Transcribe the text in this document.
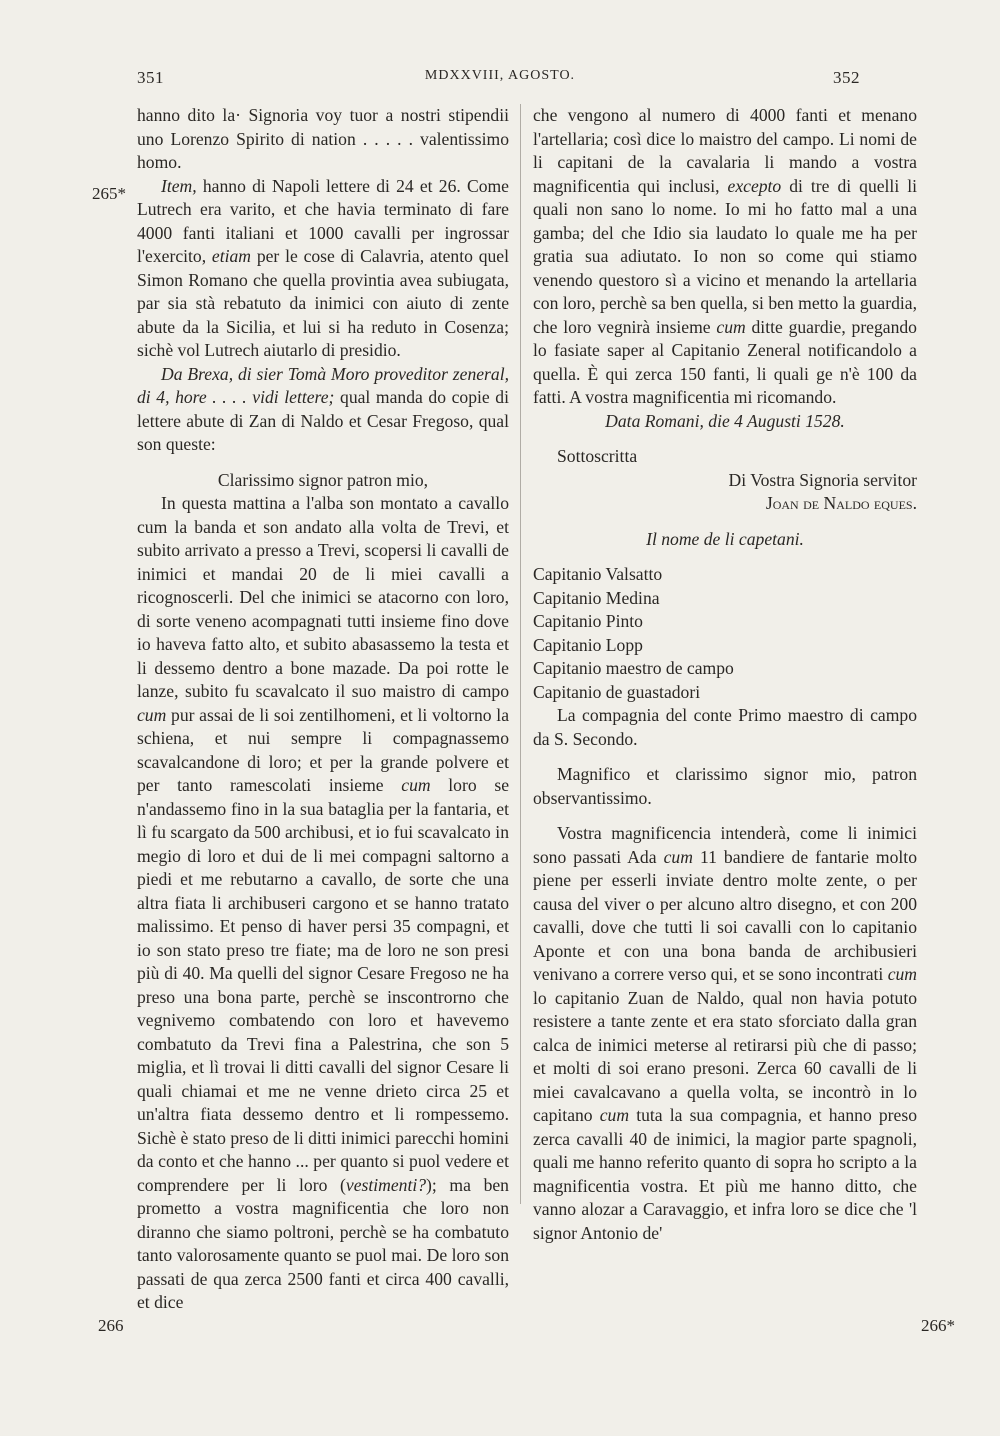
351	MDXXVIII, AGOSTO.	352
265*
266	266*

hanno dito la· Signoria voy tuor a nostri stipendii uno Lorenzo Spirito di nation . . . . . valentissimo homo.

Item, hanno di Napoli lettere di 24 et 26. Come Lutrech era varito, et che havia terminato di fare 4000 fanti italiani et 1000 cavalli per ingrossar l'exercito, etiam per le cose di Calavria, atento quel Simon Romano che quella provintia avea subiugata, par sia stà rebatuto da inimici con aiuto di zente abute da la Sicilia, et lui si ha reduto in Cosenza; sichè vol Lutrech aiutarlo di presidio.

Da Brexa, di sier Tomà Moro proveditor zeneral, di 4, hore . . . . vidi lettere; qual manda do copie di lettere abute di Zan di Naldo et Cesar Fregoso, qual son queste:

Clarissimo signor patron mio,

In questa mattina a l'alba son montato a cavallo cum la banda et son andato alla volta de Trevi, et subito arrivato a presso a Trevi, scopersi li cavalli de inimici et mandai 20 de li miei cavalli a ricognoscerli. Del che inimici se atacorno con loro, di sorte veneno acompagnati tutti insieme fino dove io haveva fatto alto, et subito abasassemo la testa et li dessemo dentro a bone mazade. Da poi rotte le lanze, subito fu scavalcato il suo maistro di campo cum pur assai de li soi zentilhomeni, et li voltorno la schiena, et nui sempre li compagnassemo scavalcandone di loro; et per la grande polvere et per tanto ramescolati insieme cum loro se n'andassemo fino in la sua bataglia per la fantaria, et lì fu scargato da 500 archibusi, et io fui scavalcato in megio di loro et dui de li mei compagni saltorno a piedi et me rebutarno a cavallo, de sorte che una altra fiata li archibuseri cargono et se hanno tratato malissimo. Et penso di haver persi 35 compagni, et io son stato preso tre fiate; ma de loro ne son presi più di 40. Ma quelli del signor Cesare Fregoso ne ha preso una bona parte, perchè se inscontrorno che vegnivemo combatendo con loro et havevemo combatuto da Trevi fina a Palestrina, che son 5 miglia, et lì trovai li ditti cavalli del signor Cesare li quali chiamai et me ne venne drieto circa 25 et un'altra fiata dessemo dentro et li rompessemo. Sichè è stato preso de li ditti inimici parecchi homini da conto et che hanno ... per quanto si puol vedere et comprendere per li loro (vestimenti?); ma ben prometto a vostra magnificentia che loro non diranno che siamo poltroni, perchè se ha combatuto tanto valorosamente quanto se puol mai. De loro son passati de qua zerca 2500 fanti et circa 400 cavalli, et dice

che vengono al numero di 4000 fanti et menano l'artellaria; così dice lo maistro del campo. Li nomi de li capitani de la cavalaria li mando a vostra magnificentia qui inclusi, excepto di tre di quelli li quali non sano lo nome. Io mi ho fatto mal a una gamba; del che Idio sia laudato lo quale me ha per gratia sua adiutato. Io non so come qui stiamo venendo questoro sì a vicino et menando la artellaria con loro, perchè sa ben quella, si ben metto la guardia, che loro vegnirà insieme cum ditte guardie, pregando lo fasiate saper al Capitanio Zeneral notificandolo a quella. È qui zerca 150 fanti, li quali ge n'è 100 da fatti. A vostra magnificentia mi ricomando.

Data Romani, die 4 Augusti 1528.

Sottoscritta

Di Vostra Signoria servitor

Joan de Naldo eques.

Il nome de li capetani.

Capitanio Valsatto

Capitanio Medina

Capitanio Pinto

Capitanio Lopp

Capitanio maestro de campo

Capitanio de guastadori

La compagnia del conte Primo maestro di campo da S. Secondo.

Magnifico et clarissimo signor mio, patron observantissimo.

Vostra magnificencia intenderà, come li inimici sono passati Ada cum 11 bandiere de fantarie molto piene per esserli inviate dentro molte zente, o per causa del viver o per alcuno altro disegno, et con 200 cavalli, dove che tutti li soi cavalli con lo capitanio Aponte et con una bona banda de archibusieri venivano a correre verso qui, et se sono incontrati cum lo capitanio Zuan de Naldo, qual non havia potuto resistere a tante zente et era stato sforciato dalla gran calca de inimici meterse al retirarsi più che di passo; et molti di soi erano presoni. Zerca 60 cavalli de li miei cavalcavano a quella volta, se incontrò in lo capitano cum tuta la sua compagnia, et hanno preso zerca cavalli 40 de inimici, la magior parte spagnoli, quali me hanno referito quanto di sopra ho scripto a la magnificentia vostra. Et più me hanno ditto, che vanno alozar a Caravaggio, et infra loro se dice che 'l signor Antonio de'
